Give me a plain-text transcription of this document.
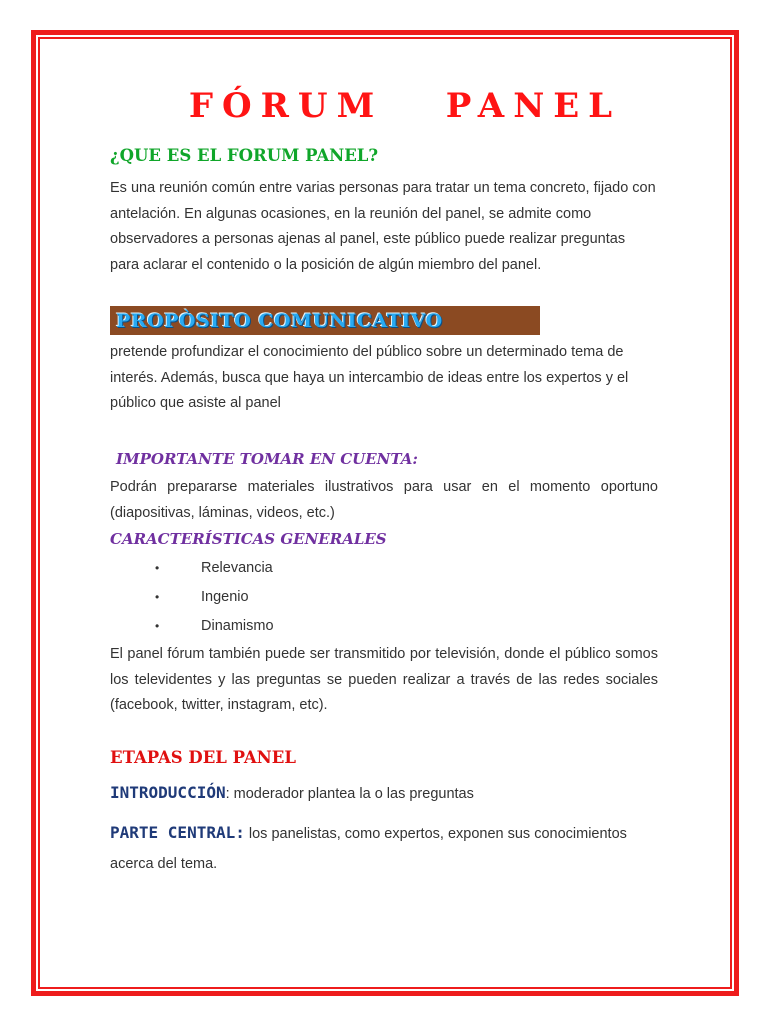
FÓRUM   PANEL
¿QUE ES EL FORUM PANEL?
Es una reunión común entre varias personas para tratar un tema concreto, fijado con antelación. En algunas ocasiones, en la reunión del panel, se admite como observadores a personas ajenas al panel, este público puede realizar preguntas para aclarar el contenido o la posición de algún miembro del panel.
PROPÒSITO COMUNICATIVO
pretende profundizar el conocimiento del público sobre un determinado tema de interés. Además, busca que haya un intercambio de ideas entre los expertos y el público que asiste al panel
IMPORTANTE TOMAR EN CUENTA:
Podrán prepararse materiales ilustrativos para usar en el momento oportuno (diapositivas, láminas, videos, etc.)
CARACTERÍSTICAS GENERALES
•	Relevancia
•	Ingenio
•	Dinamismo
El panel fórum también puede ser transmitido por televisión, donde el público somos los televidentes y las preguntas se pueden realizar a través de las redes sociales (facebook, twitter, instagram, etc).
ETAPAS DEL PANEL
INTRODUCCIÓN: moderador plantea la o las preguntas
PARTE CENTRAL: los panelistas, como expertos, exponen sus conocimientos acerca del tema.
